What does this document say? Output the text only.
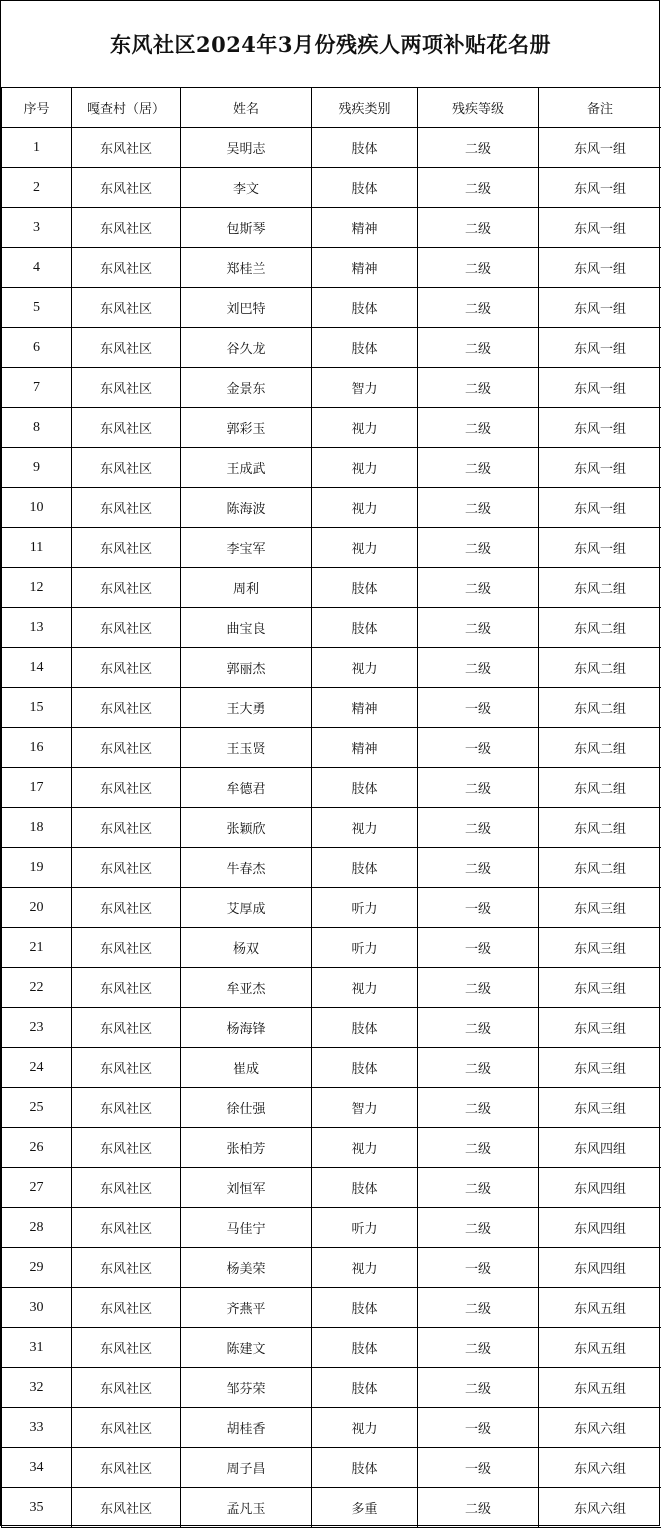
东风社区2024年3月份残疾人两项补贴花名册
序号	嘎查村（居）	姓名	残疾类别	残疾等级	备注
1	东风社区	吴明志	肢体	二级	东风一组
2	东风社区	李文	肢体	二级	东风一组
3	东风社区	包斯琴	精神	二级	东风一组
4	东风社区	郑桂兰	精神	二级	东风一组
5	东风社区	刘巴特	肢体	二级	东风一组
6	东风社区	谷久龙	肢体	二级	东风一组
7	东风社区	金景东	智力	二级	东风一组
8	东风社区	郭彩玉	视力	二级	东风一组
9	东风社区	王成武	视力	二级	东风一组
10	东风社区	陈海波	视力	二级	东风一组
11	东风社区	李宝军	视力	二级	东风一组
12	东风社区	周利	肢体	二级	东风二组
13	东风社区	曲宝良	肢体	二级	东风二组
14	东风社区	郭丽杰	视力	二级	东风二组
15	东风社区	王大勇	精神	一级	东风二组
16	东风社区	王玉贤	精神	一级	东风二组
17	东风社区	牟德君	肢体	二级	东风二组
18	东风社区	张颖欣	视力	二级	东风二组
19	东风社区	牛春杰	肢体	二级	东风二组
20	东风社区	艾厚成	听力	一级	东风三组
21	东风社区	杨双	听力	一级	东风三组
22	东风社区	牟亚杰	视力	二级	东风三组
23	东风社区	杨海锋	肢体	二级	东风三组
24	东风社区	崔成	肢体	二级	东风三组
25	东风社区	徐仕强	智力	二级	东风三组
26	东风社区	张柏芳	视力	二级	东风四组
27	东风社区	刘恒军	肢体	二级	东风四组
28	东风社区	马佳宁	听力	二级	东风四组
29	东风社区	杨美荣	视力	一级	东风四组
30	东风社区	齐燕平	肢体	二级	东风五组
31	东风社区	陈建文	肢体	二级	东风五组
32	东风社区	邹芬荣	肢体	二级	东风五组
33	东风社区	胡桂香	视力	一级	东风六组
34	东风社区	周子昌	肢体	一级	东风六组
35	东风社区	孟凡玉	多重	二级	东风六组
